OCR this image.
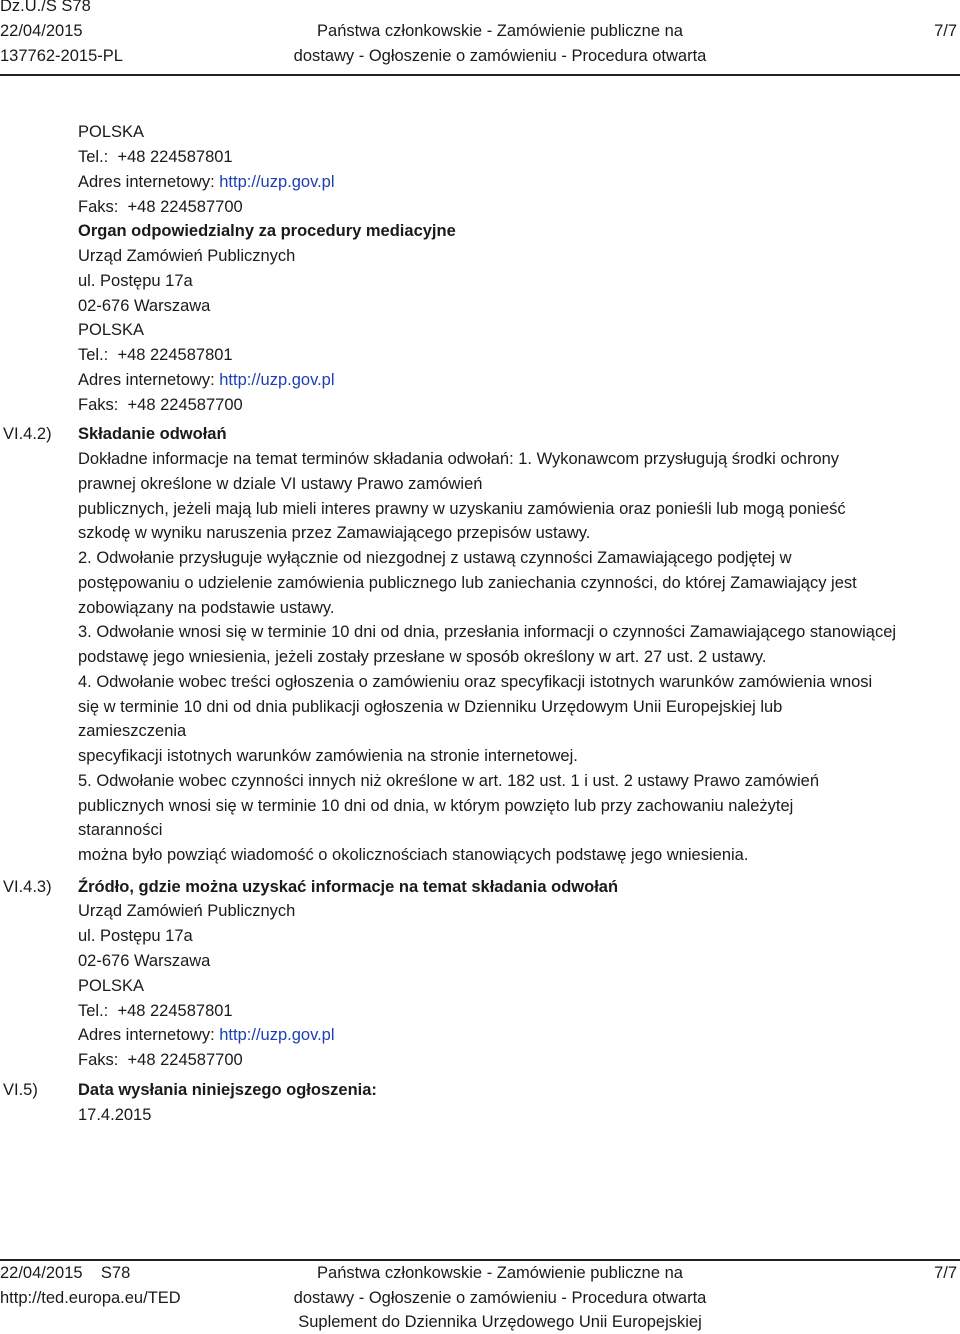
Dz.U./S S78
22/04/2015
137762-2015-PL
Państwa członkowskie - Zamówienie publiczne na
dostawy - Ogłoszenie o zamówieniu - Procedura otwarta
7/7
POLSKA
Tel.: +48 224587801
Adres internetowy: http://uzp.gov.pl
Faks: +48 224587700
Organ odpowiedzialny za procedury mediacyjne
Urząd Zamówień Publicznych
ul. Postępu 17a
02-676 Warszawa
POLSKA
Tel.: +48 224587801
Adres internetowy: http://uzp.gov.pl
Faks: +48 224587700
VI.4.2) Składanie odwołań
Dokładne informacje na temat terminów składania odwołań: 1. Wykonawcom przysługują środki ochrony
prawnej określone w dziale VI ustawy Prawo zamówień
publicznych, jeżeli mają lub mieli interes prawny w uzyskaniu zamówienia oraz ponieśli lub mogą ponieść
szkodę w wyniku naruszenia przez Zamawiającego przepisów ustawy.
2. Odwołanie przysługuje wyłącznie od niezgodnej z ustawą czynności Zamawiającego podjętej w
postępowaniu o udzielenie zamówienia publicznego lub zaniechania czynności, do której Zamawiający jest
zobowiązany na podstawie ustawy.
3. Odwołanie wnosi się w terminie 10 dni od dnia, przesłania informacji o czynności Zamawiającego stanowiącej
podstawę jego wniesienia, jeżeli zostały przesłane w sposób określony w art. 27 ust. 2 ustawy.
4. Odwołanie wobec treści ogłoszenia o zamówieniu oraz specyfikacji istotnych warunków zamówienia wnosi
się w terminie 10 dni od dnia publikacji ogłoszenia w Dzienniku Urzędowym Unii Europejskiej lub
zamieszczenia
specyfikacji istotnych warunków zamówienia na stronie internetowej.
5. Odwołanie wobec czynności innych niż określone w art. 182 ust. 1 i ust. 2 ustawy Prawo zamówień
publicznych wnosi się w terminie 10 dni od dnia, w którym powzięto lub przy zachowaniu należytej
staranności
można było powziąć wiadomość o okolicznościach stanowiących podstawę jego wniesienia.
VI.4.3) Źródło, gdzie można uzyskać informacje na temat składania odwołań
Urząd Zamówień Publicznych
ul. Postępu 17a
02-676 Warszawa
POLSKA
Tel.: +48 224587801
Adres internetowy: http://uzp.gov.pl
Faks: +48 224587700
VI.5) Data wysłania niniejszego ogłoszenia:
17.4.2015
22/04/2015    S78
http://ted.europa.eu/TED
Państwa członkowskie - Zamówienie publiczne na
dostawy - Ogłoszenie o zamówieniu - Procedura otwarta
Suplement do Dziennika Urzędowego Unii Europejskiej
7/7
